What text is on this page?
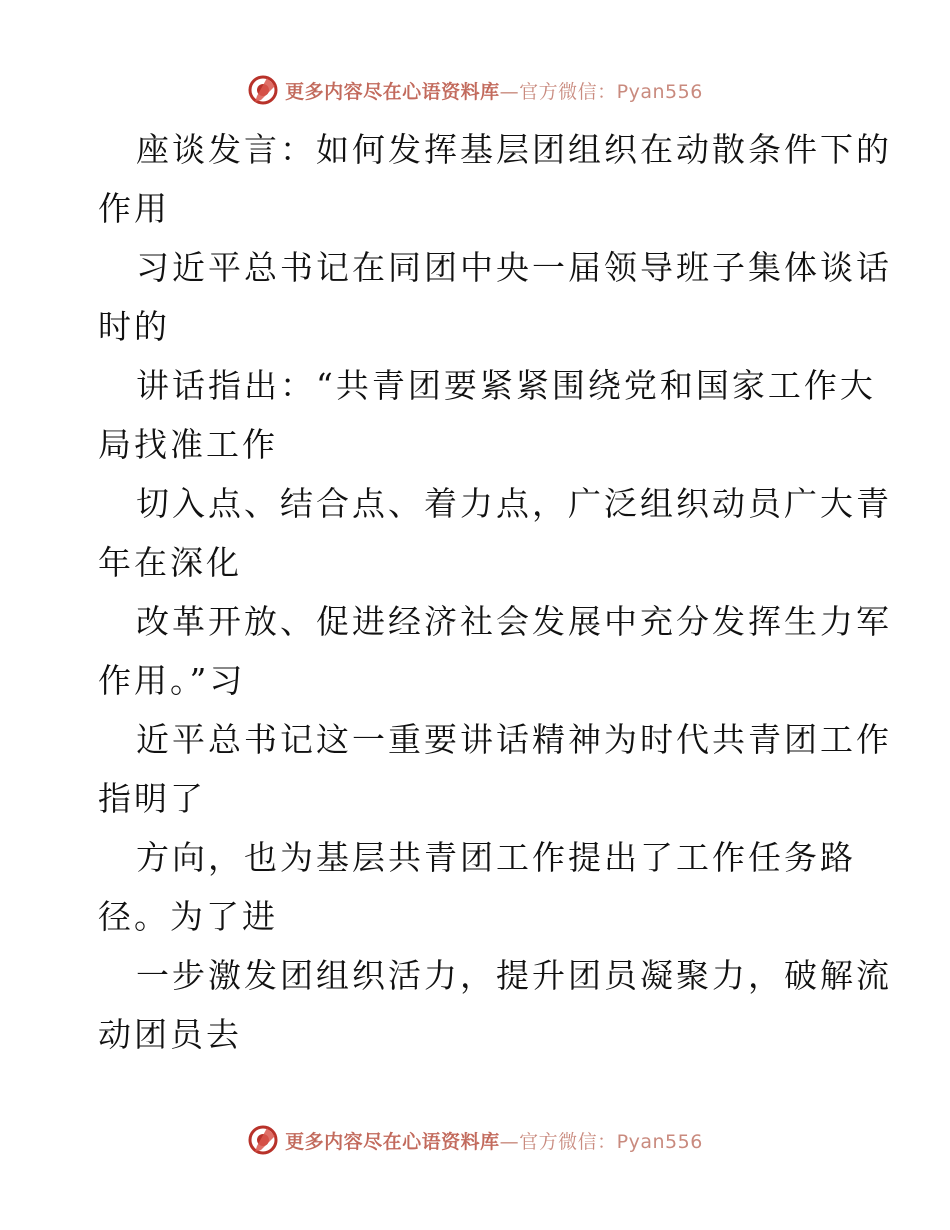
更多内容尽在心语资料库—官方微信：Pyan556
座谈发言：如何发挥基层团组织在动散条件下的
作用
习近平总书记在同团中央一届领导班子集体谈话
时的
讲话指出：“共青团要紧紧围绕党和国家工作大
局找准工作
切入点、结合点、着力点，广泛组织动员广大青
年在深化
改革开放、促进经济社会发展中充分发挥生力军
作用。”习
近平总书记这一重要讲话精神为时代共青团工作
指明了
方向，也为基层共青团工作提出了工作任务路
径。为了进
一步激发团组织活力，提升团员凝聚力，破解流
动团员去
更多内容尽在心语资料库—官方微信：Pyan556
